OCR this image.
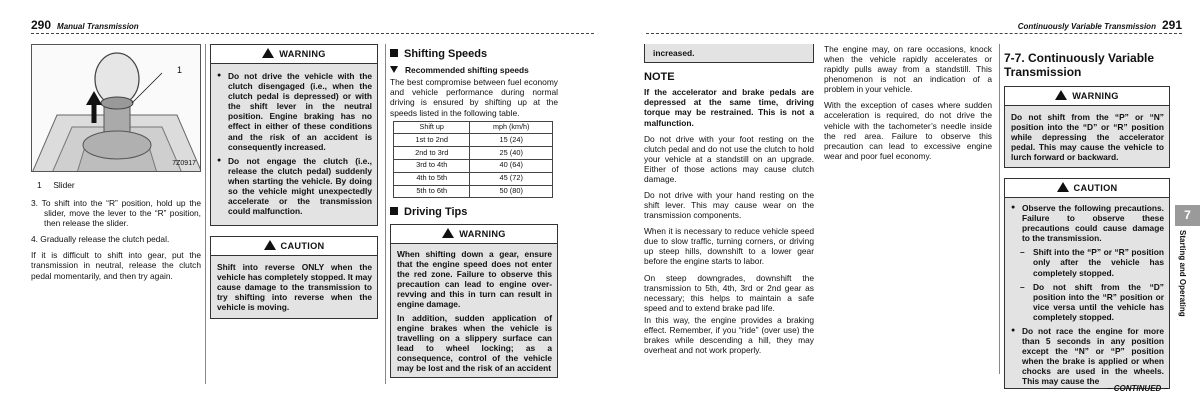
290 Manual Transmission
1
7Z0917
1 Slider

3. To shift into the “R” position, hold up the slider, move the lever to the “R” position, then release the slider.

4. Gradually release the clutch pedal.

If it is difficult to shift into gear, put the transmission in neutral, release the clutch pedal momentarily, and then try again.

WARNING
● Do not drive the vehicle with the clutch disengaged (i.e., when the clutch pedal is depressed) or with the shift lever in the neutral position. Engine braking has no effect in either of these conditions and the risk of an accident is consequently increased.
● Do not engage the clutch (i.e., release the clutch pedal) suddenly when starting the vehicle. By doing so the vehicle might unexpectedly accelerate or the transmission could malfunction.
CAUTION
Shift into reverse ONLY when the vehicle has completely stopped. It may cause damage to the transmission to try shifting into reverse when the vehicle is moving.
Shifting Speeds
Recommended shifting speeds

The best compromise between fuel economy and vehicle performance during normal driving is ensured by shifting up at the speeds listed in the following table.

Shift up	mph (km/h)
1st to 2nd	15 (24)
2nd to 3rd	25 (40)
3rd to 4th	40 (64)
4th to 5th	45 (72)
5th to 6th	50 (80)
Driving Tips
WARNING

When shifting down a gear, ensure that the engine speed does not enter the red zone. Failure to observe this precaution can lead to engine over-revving and this in turn can result in engine damage.

In addition, sudden application of engine brakes when the vehicle is travelling on a slippery surface can lead to wheel locking; as a consequence, control of the vehicle may be lost and the risk of an accident

Continuously Variable Transmission 291
increased.
NOTE

If the accelerator and brake pedals are depressed at the same time, driving torque may be restrained. This is not a malfunction.

Do not drive with your foot resting on the clutch pedal and do not use the clutch to hold your vehicle at a standstill on an upgrade. Either of those actions may cause clutch damage.

Do not drive with your hand resting on the shift lever. This may cause wear on the transmission components.

When it is necessary to reduce vehicle speed due to slow traffic, turning corners, or driving up steep hills, downshift to a lower gear before the engine starts to labor.

On steep downgrades, downshift the transmission to 5th, 4th, 3rd or 2nd gear as necessary; this helps to maintain a safe speed and to extend brake pad life.

In this way, the engine provides a braking effect. Remember, if you “ride” (over use) the brakes while descending a hill, they may overheat and not work properly.

The engine may, on rare occasions, knock when the vehicle rapidly accelerates or rapidly pulls away from a standstill. This phenomenon is not an indication of a problem in your vehicle.

With the exception of cases where sudden acceleration is required, do not drive the vehicle with the tachometer’s needle inside the red area. Failure to observe this precaution can lead to excessive engine wear and poor fuel economy.

7-7. Continuously Variable Transmission
WARNING
Do not shift from the “P” or “N” position into the “D” or “R” position while depressing the accelerator pedal. This may cause the vehicle to lurch forward or backward.
CAUTION
● Observe the following precautions. Failure to observe these precautions could cause damage to the transmission.
– Shift into the “P” or “R” position only after the vehicle has completely stopped.
– Do not shift from the “D” position into the “R” position or vice versa until the vehicle has completely stopped.
● Do not race the engine for more than 5 seconds in any position except the “N” or “P” position when the brake is applied or when chocks are used in the wheels. This may cause the
7
Starting and Operating
– CONTINUED –
